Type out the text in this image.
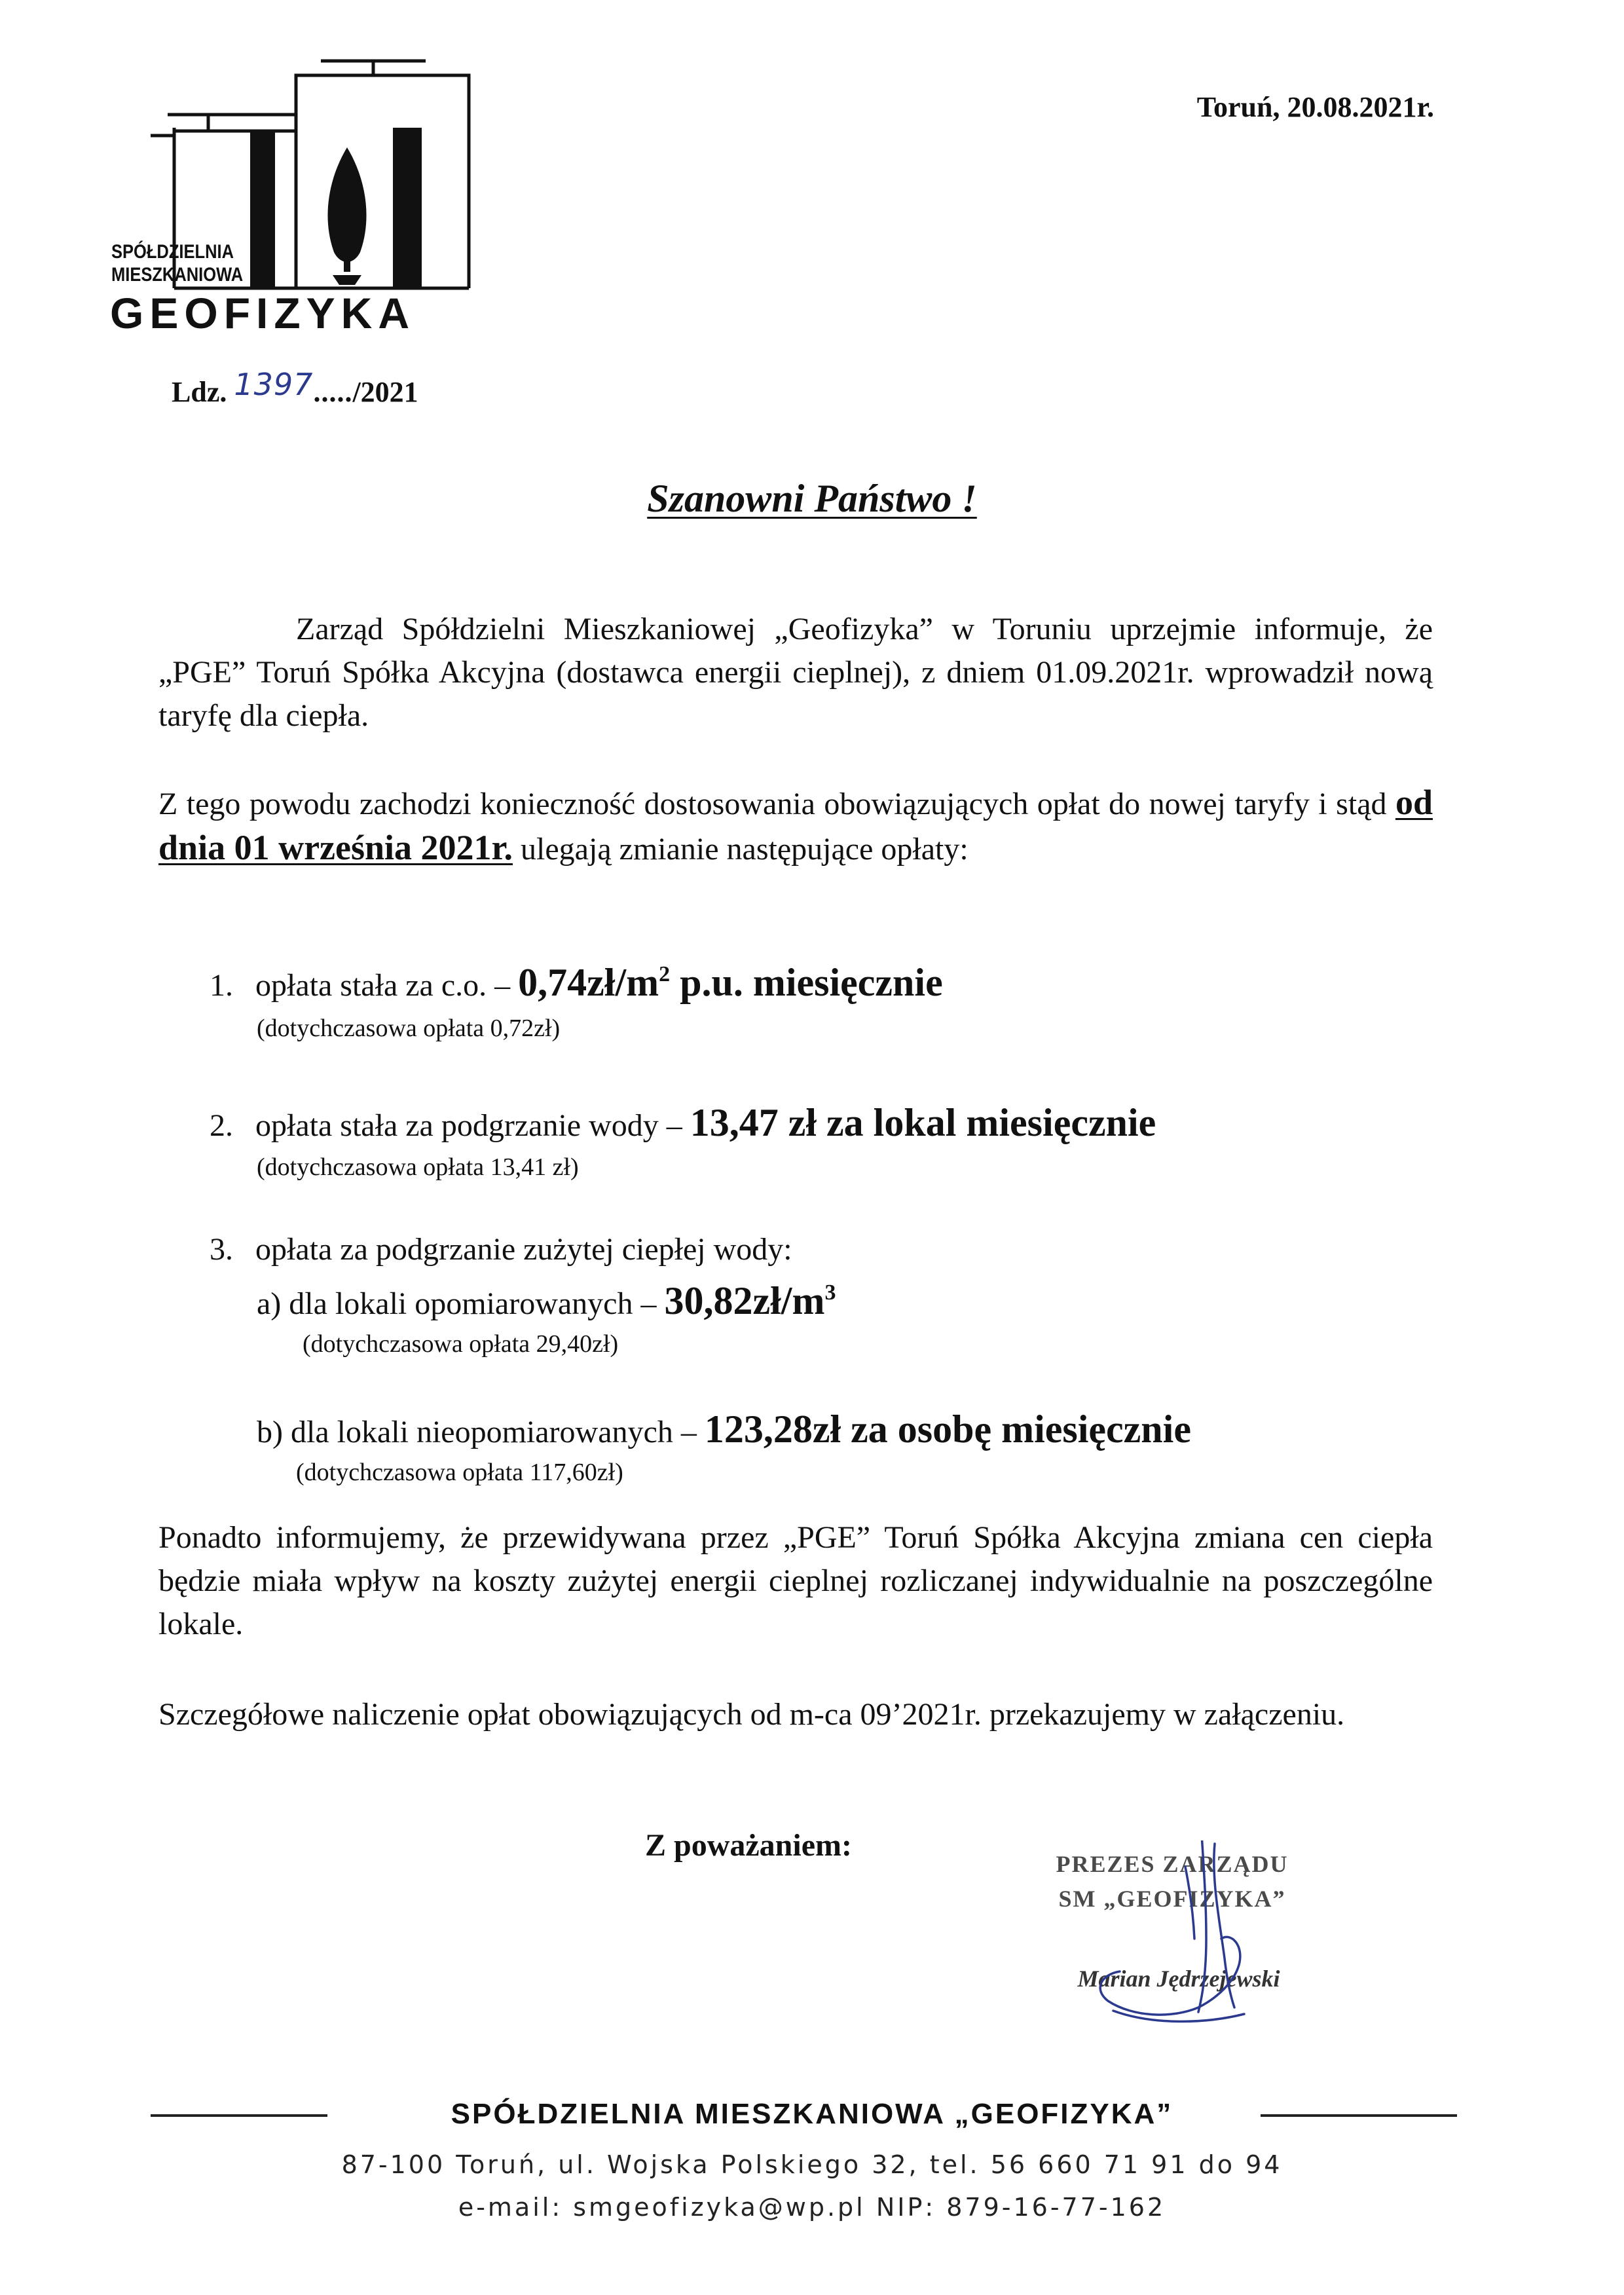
SPÓŁDZIELNIA
MIESZKANIOWA
GEOFIZYKA
Toruń, 20.08.2021r.
Ldz. 1397...../2021
Szanowni Państwo !

Zarząd Spółdzielni Mieszkaniowej „Geofizyka” w Toruniu uprzejmie informuje, że „PGE” Toruń Spółka Akcyjna (dostawca energii cieplnej), z dniem 01.09.2021r. wprowadził nową taryfę dla ciepła.

Z tego powodu zachodzi konieczność dostosowania obowiązujących opłat do nowej taryfy i stąd od dnia 01 września 2021r. ulegają zmianie następujące opłaty:

1. opłata stała za c.o. – $0,74zł/m^2$ p.u. miesięcznie
(dotychczasowa opłata 0,72zł)
2. opłata stała za podgrzanie wody – 13,47 zł za lokal miesięcznie
(dotychczasowa opłata 13,41 zł)
3. opłata za podgrzanie zużytej ciepłej wody:
a) dla lokali opomiarowanych – $30,82zł/m^3$
(dotychczasowa opłata 29,40zł)
b) dla lokali nieopomiarowanych – 123,28zł za osobę miesięcznie
(dotychczasowa opłata 117,60zł)

Ponadto informujemy, że przewidywana przez „PGE” Toruń Spółka Akcyjna zmiana cen ciepła będzie miała wpływ na koszty zużytej energii cieplnej rozliczanej indywidualnie na poszczególne lokale.

Szczegółowe naliczenie opłat obowiązujących od m-ca 09’2021r. przekazujemy w załączeniu.

Z poważaniem:
PREZES ZARZĄDU
SM „GEOFIZYKA”
Marian Jędrzejewski
SPÓŁDZIELNIA MIESZKANIOWA „GEOFIZYKA”
87-100 Toruń, ul. Wojska Polskiego 32, tel. 56 660 71 91 do 94
e-mail: smgeofizyka@wp.pl NIP: 879-16-77-162
